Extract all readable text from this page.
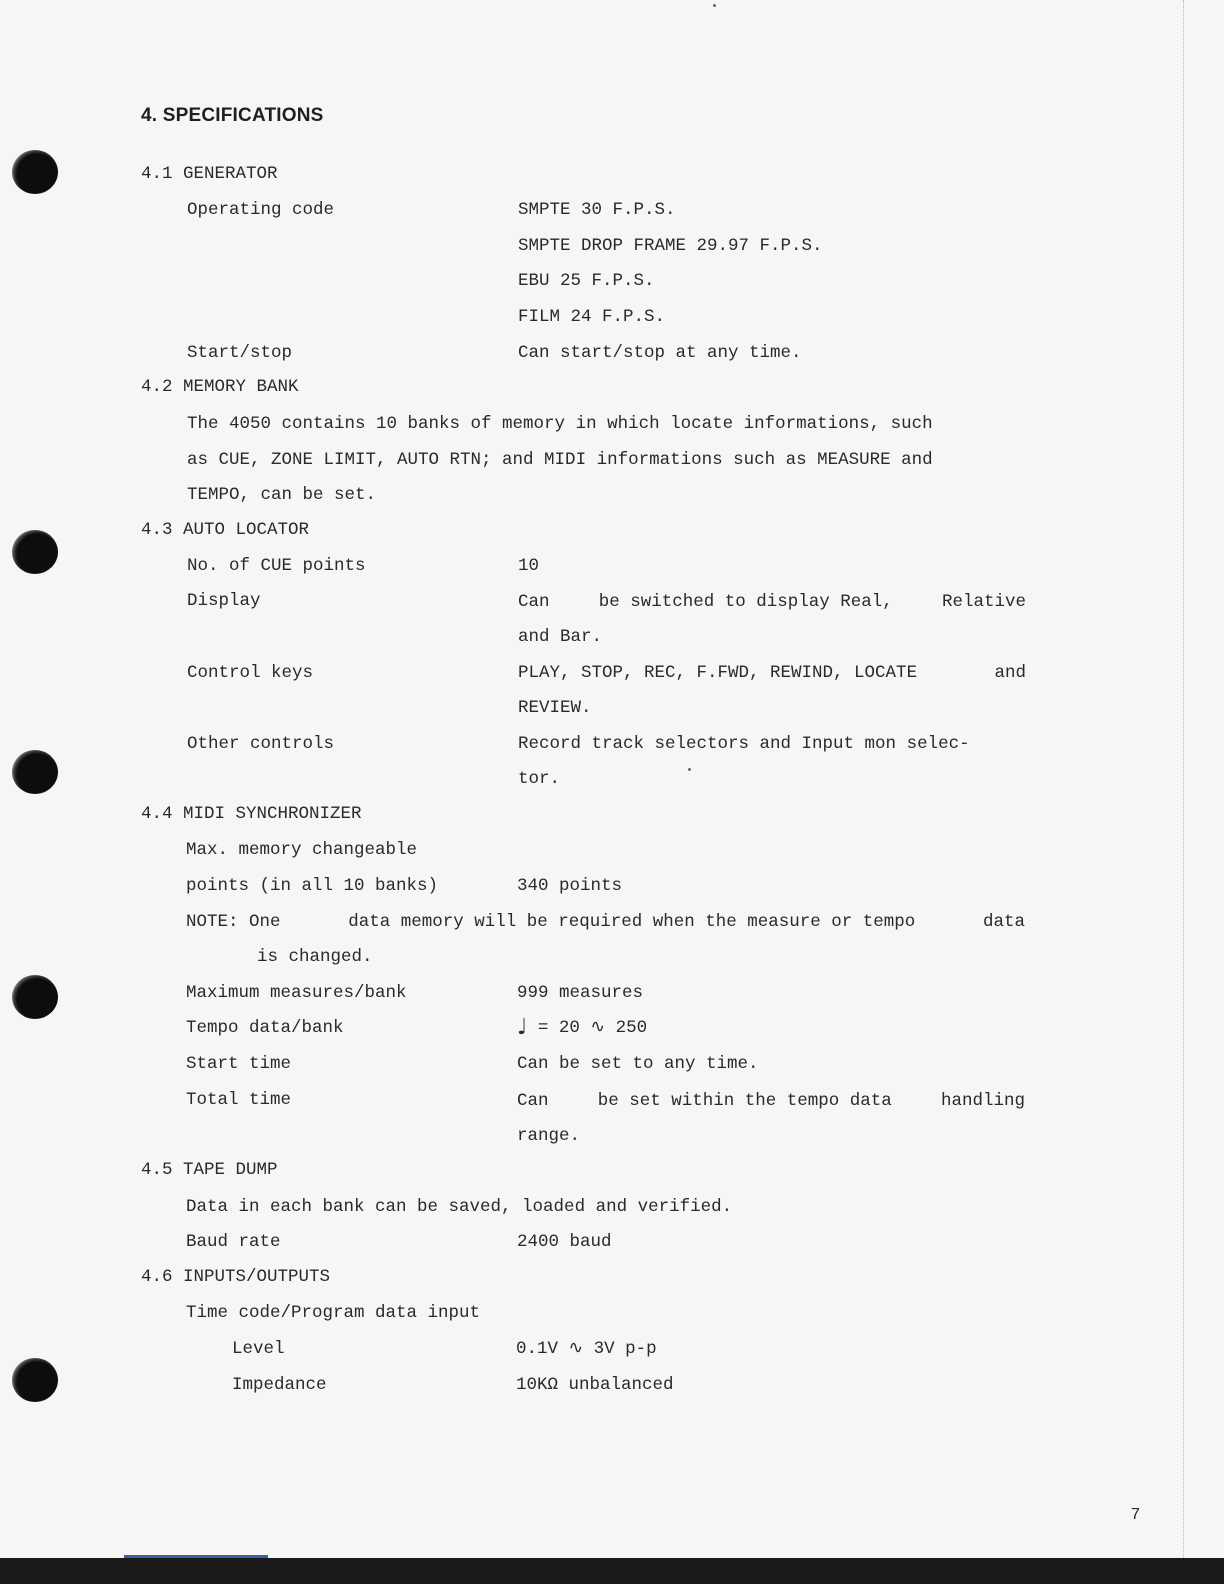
4. SPECIFICATIONS
4.1 GENERATOR
Operating code	SMPTE 30 F.P.S.
SMPTE DROP FRAME 29.97 F.P.S.
EBU 25 F.P.S.
FILM 24 F.P.S.
Start/stop	Can start/stop at any time.
4.2 MEMORY BANK
The 4050 contains 10 banks of memory in which locate informations, such
as CUE, ZONE LIMIT, AUTO RTN; and MIDI informations such as MEASURE and
TEMPO, can be set.
4.3 AUTO LOCATOR
No. of CUE points	10
Display	Can	be switched to display Real,	Relative
and Bar.
Control keys	PLAY, STOP, REC, F.FWD, REWIND, LOCATE	and
REVIEW.
Other controls	Record track selectors and Input mon selec-
tor.
4.4 MIDI SYNCHRONIZER
Max. memory changeable
points (in all 10 banks)	340 points
NOTE: One	data memory will be required when the measure or tempo	data
is changed.
Maximum measures/bank	999 measures
Tempo data/bank	♩ = 20 ∿ 250
Start time	Can be set to any time.
Total time	Can	be set within the tempo data	handling
range.
4.5 TAPE DUMP
Data in each bank can be saved, loaded and verified.
Baud rate	2400 baud
4.6 INPUTS/OUTPUTS
Time code/Program data input
Level	0.1V ∿ 3V p-p
Impedance	10KΩ unbalanced
7
